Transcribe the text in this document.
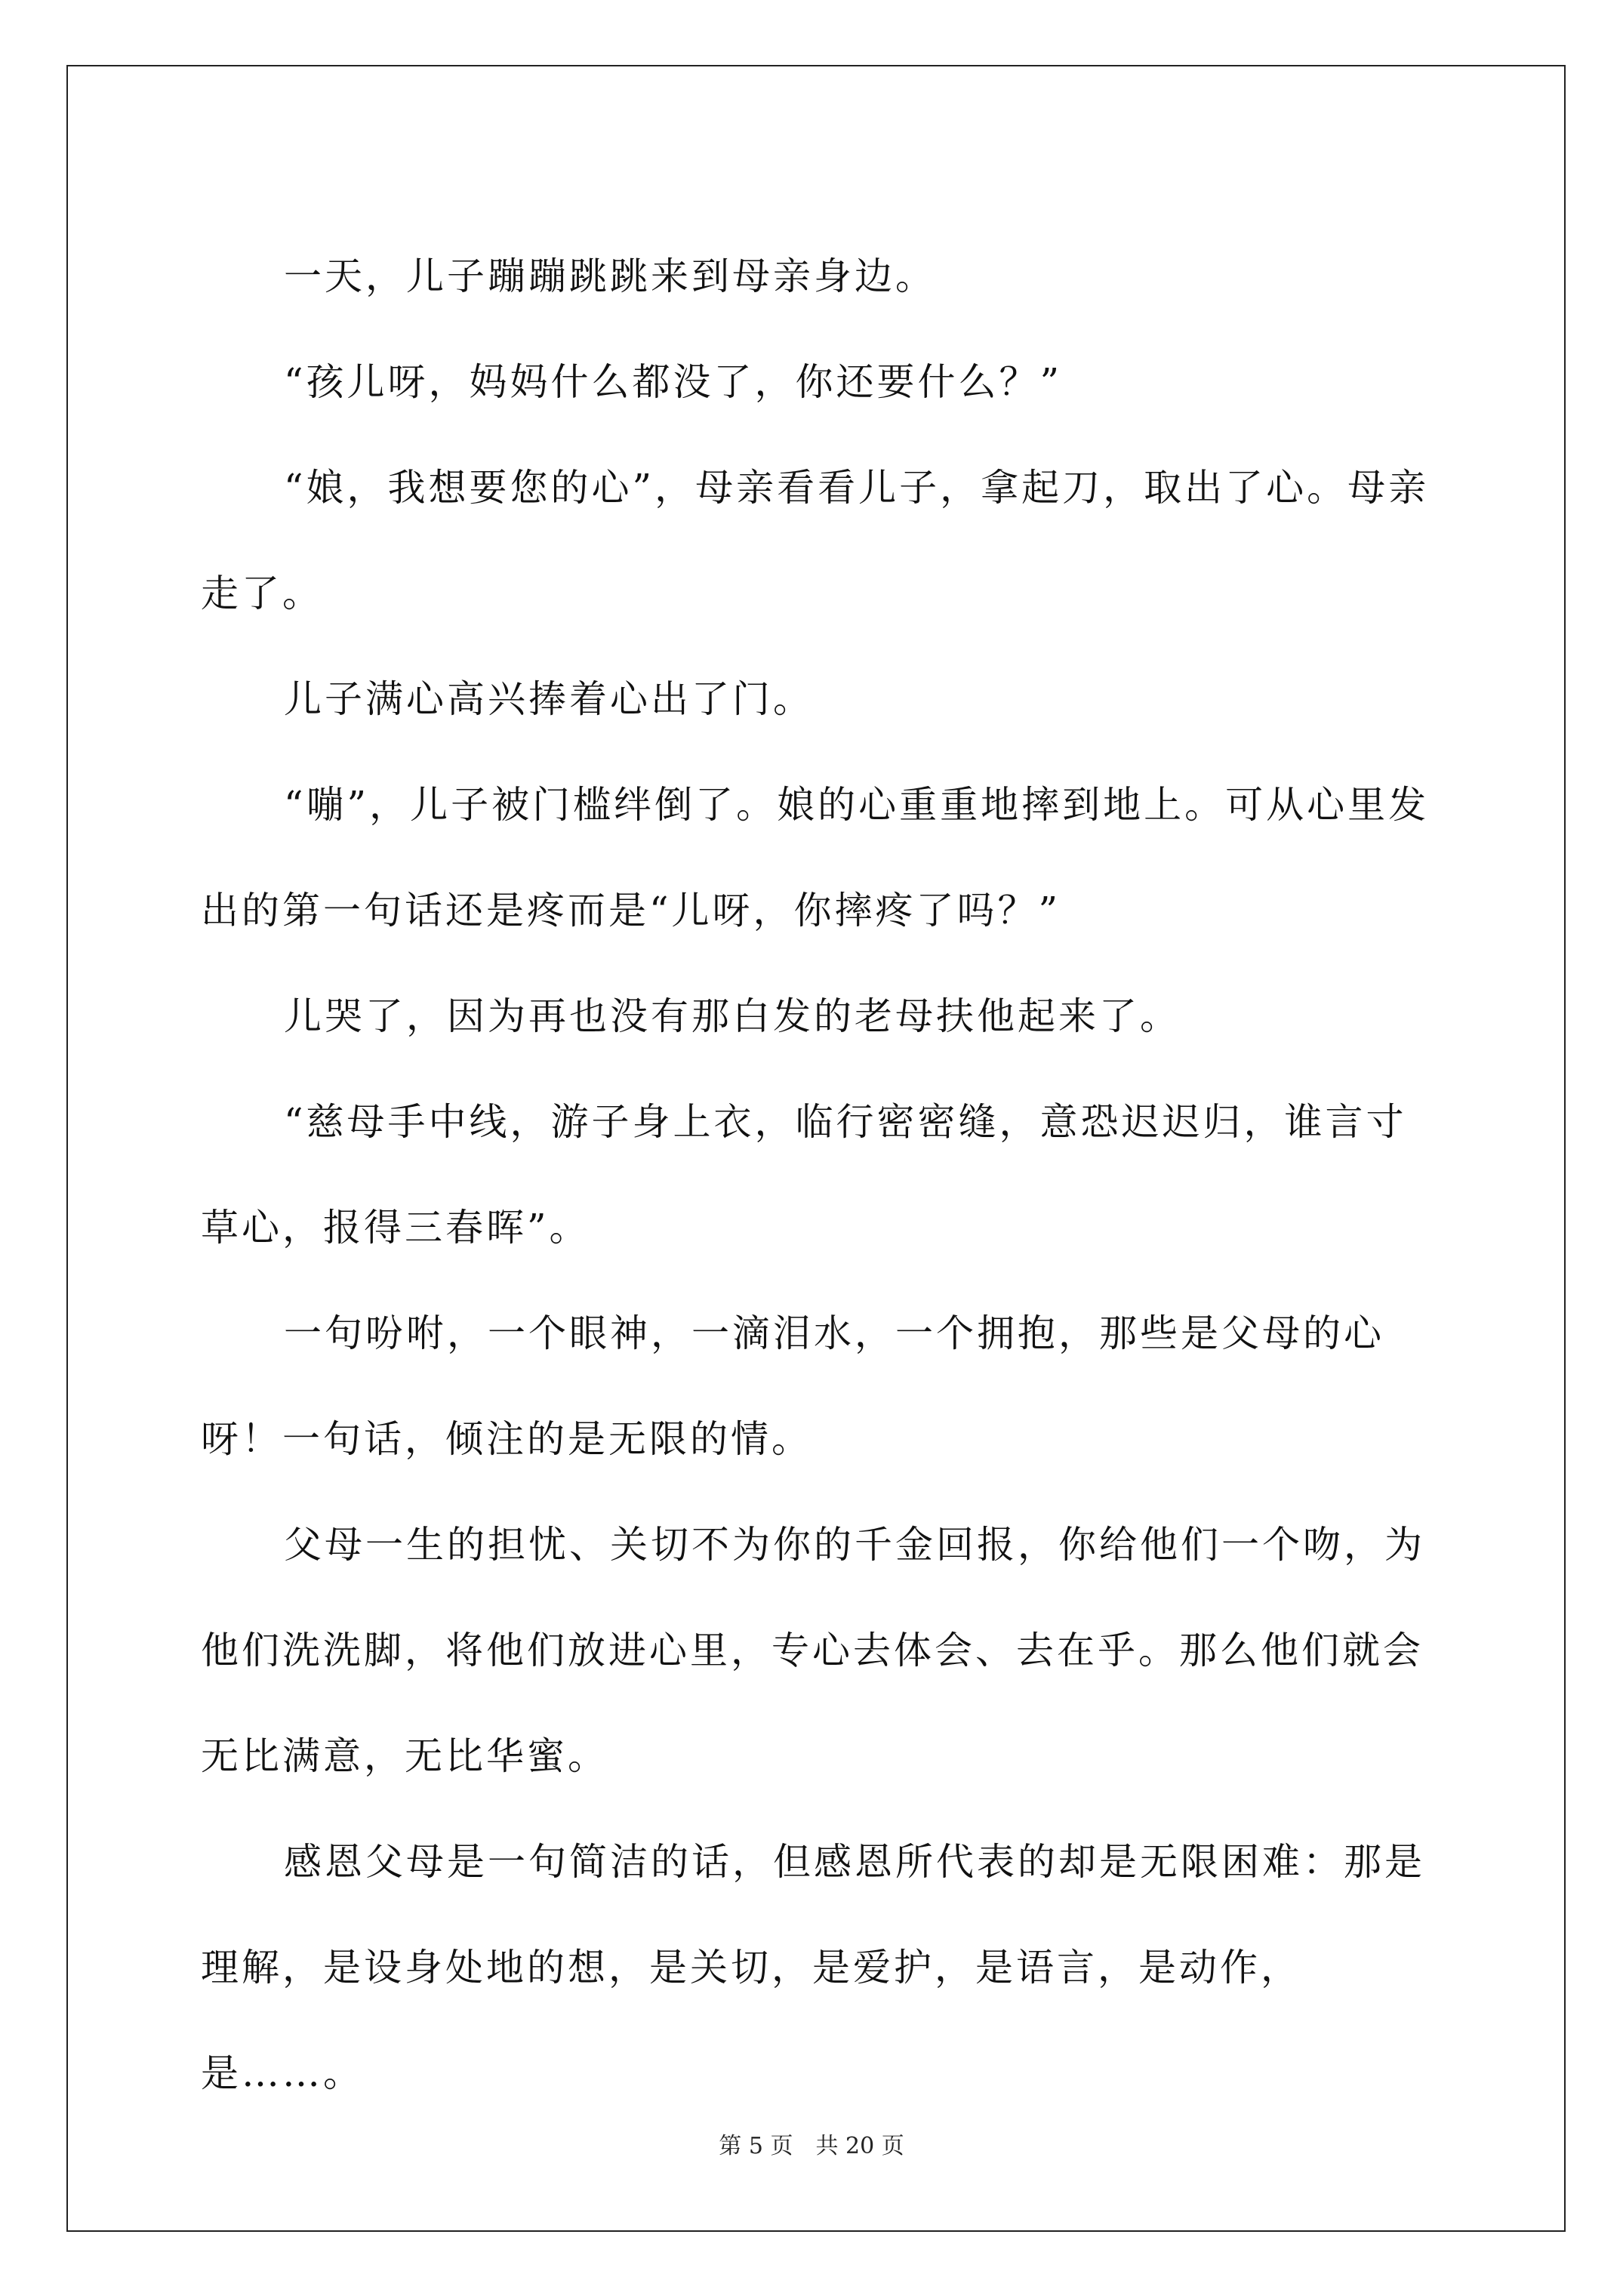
一天，儿子蹦蹦跳跳来到母亲身边。

“孩儿呀，妈妈什么都没了，你还要什么？”

“娘，我想要您的心”，母亲看看儿子，拿起刀，取出了心。母亲走了。

儿子满心高兴捧着心出了门。

“嘣”，儿子被门槛绊倒了。娘的心重重地摔到地上。可从心里发出的第一句话还是疼而是“儿呀，你摔疼了吗？”

儿哭了，因为再也没有那白发的老母扶他起来了。

“慈母手中线，游子身上衣，临行密密缝，意恐迟迟归，谁言寸草心，报得三春晖”。

一句吩咐，一个眼神，一滴泪水，一个拥抱，那些是父母的心呀！一句话，倾注的是无限的情。

父母一生的担忧、关切不为你的千金回报，你给他们一个吻，为他们洗洗脚，将他们放进心里，专心去体会、去在乎。那么他们就会无比满意，无比华蜜。

感恩父母是一句简洁的话，但感恩所代表的却是无限困难：那是理解，是设身处地的想，是关切，是爱护，是语言，是动作，是……。

第 5 页　共 20 页
